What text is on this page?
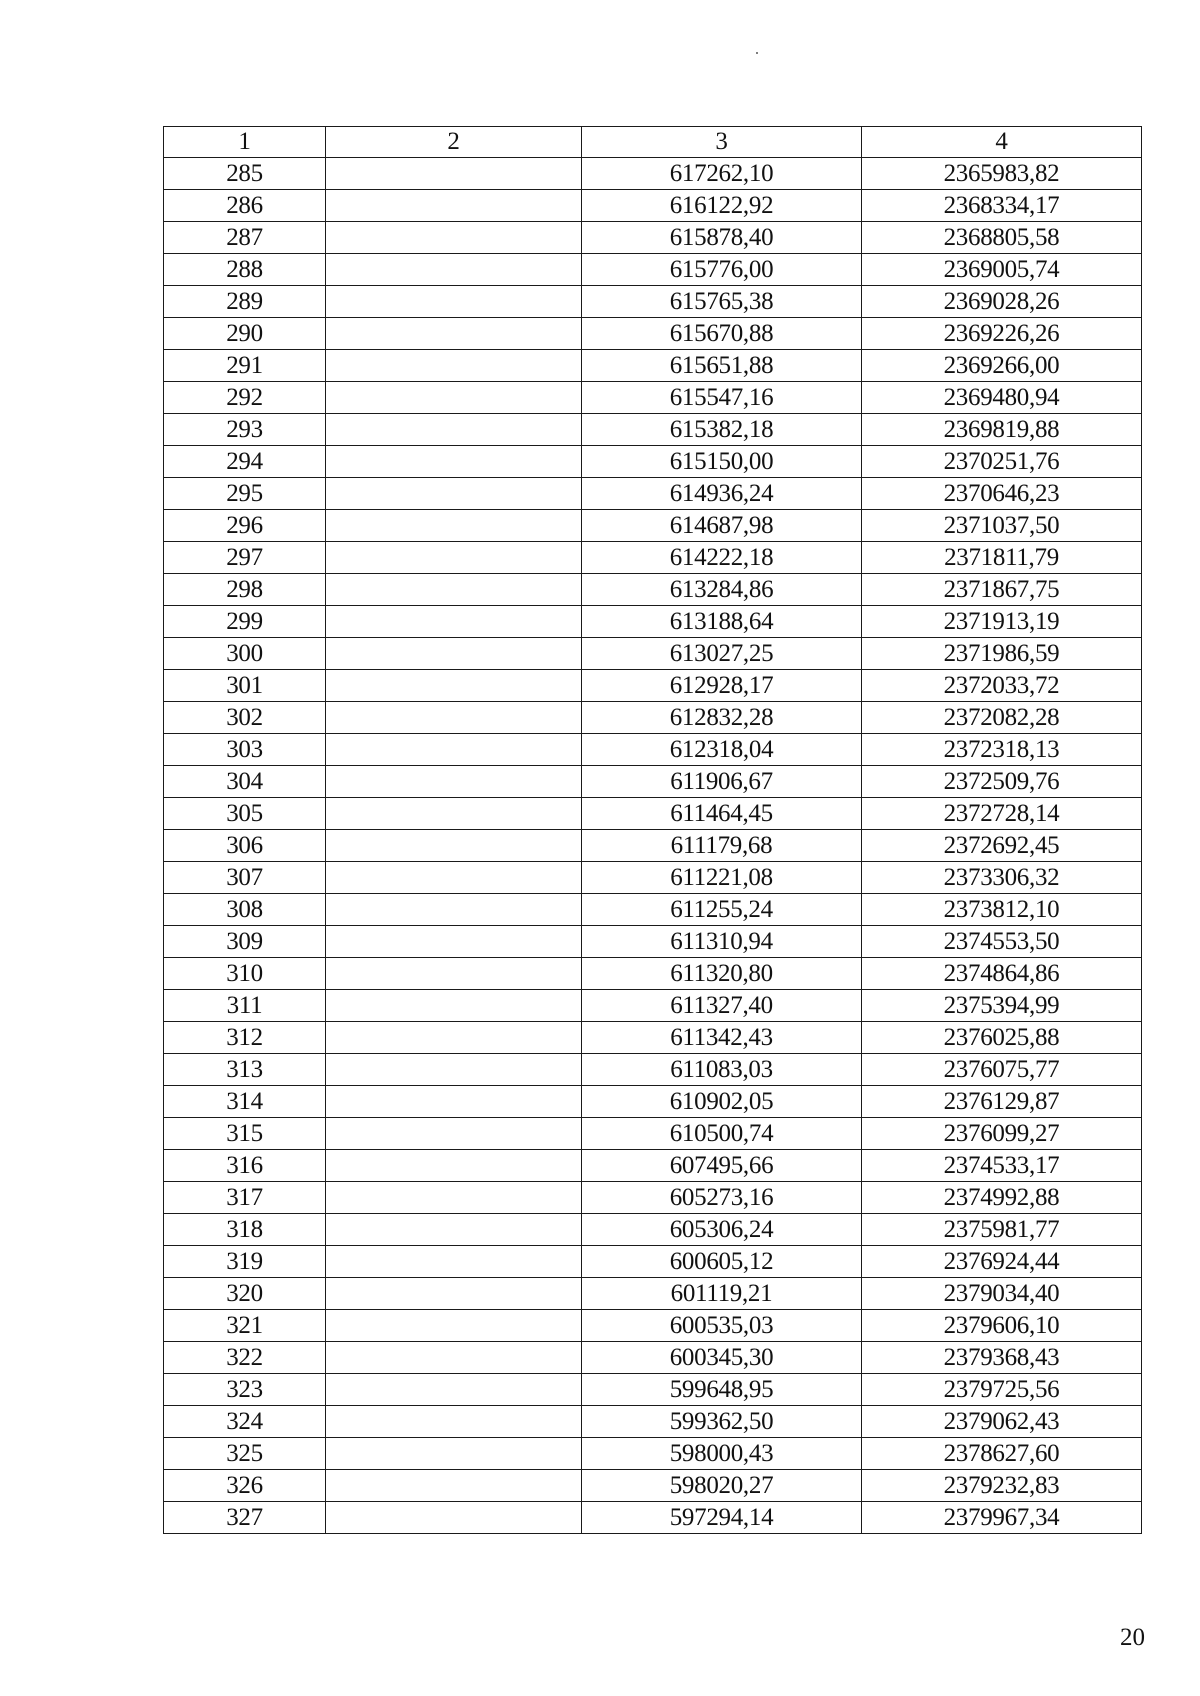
1	2	3	4
285		617262,10	2365983,82
286		616122,92	2368334,17
287		615878,40	2368805,58
288		615776,00	2369005,74
289		615765,38	2369028,26
290		615670,88	2369226,26
291		615651,88	2369266,00
292		615547,16	2369480,94
293		615382,18	2369819,88
294		615150,00	2370251,76
295		614936,24	2370646,23
296		614687,98	2371037,50
297		614222,18	2371811,79
298		613284,86	2371867,75
299		613188,64	2371913,19
300		613027,25	2371986,59
301		612928,17	2372033,72
302		612832,28	2372082,28
303		612318,04	2372318,13
304		611906,67	2372509,76
305		611464,45	2372728,14
306		611179,68	2372692,45
307		611221,08	2373306,32
308		611255,24	2373812,10
309		611310,94	2374553,50
310		611320,80	2374864,86
311		611327,40	2375394,99
312		611342,43	2376025,88
313		611083,03	2376075,77
314		610902,05	2376129,87
315		610500,74	2376099,27
316		607495,66	2374533,17
317		605273,16	2374992,88
318		605306,24	2375981,77
319		600605,12	2376924,44
320		601119,21	2379034,40
321		600535,03	2379606,10
322		600345,30	2379368,43
323		599648,95	2379725,56
324		599362,50	2379062,43
325		598000,43	2378627,60
326		598020,27	2379232,83
327		597294,14	2379967,34
20
